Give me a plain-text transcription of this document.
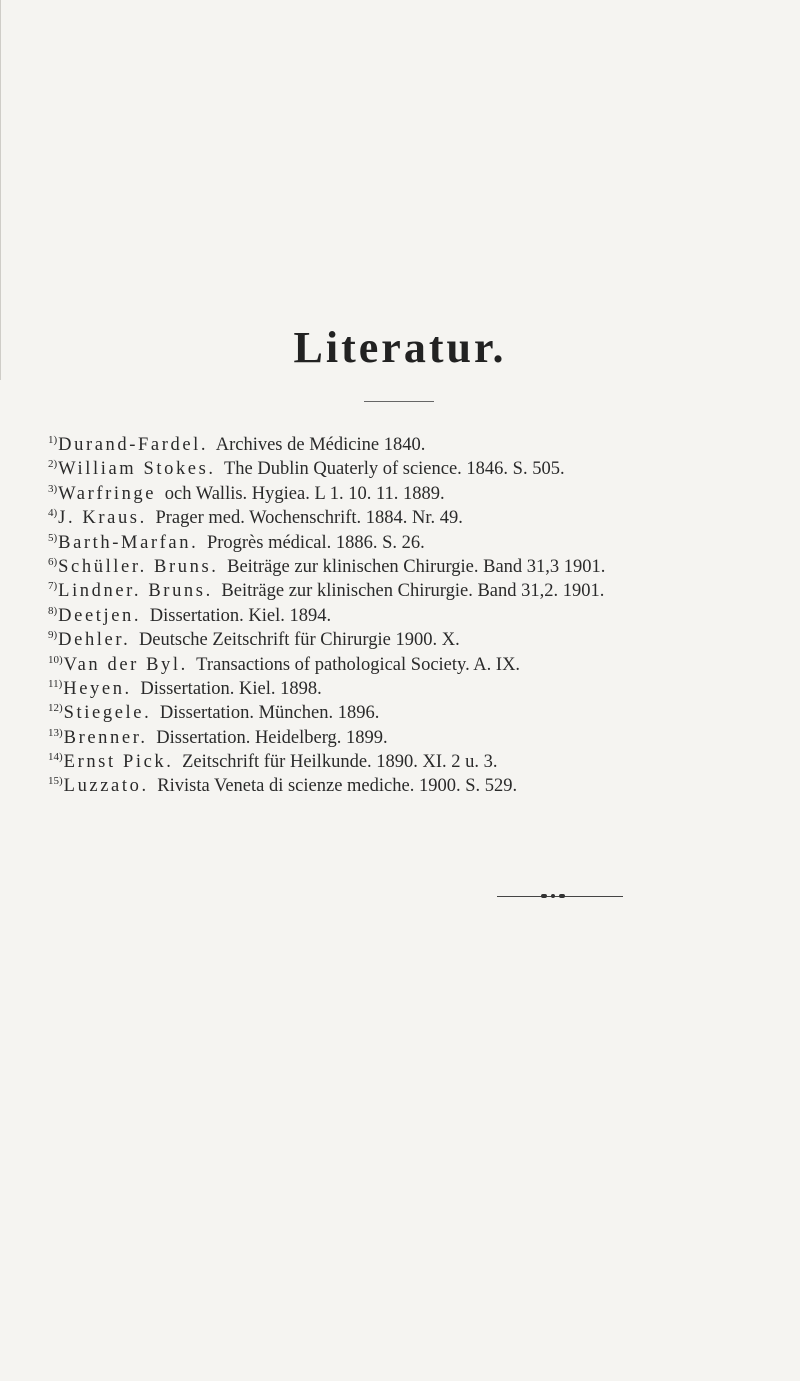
Literatur.
$^{1)}$Durand-Fardel. Archives de Médicine 1840.
$^{2)}$William Stokes. The Dublin Quaterly of science. 1846. S. 505.
$^{3)}$Warfringe och Wallis. Hygiea. L 1. 10. 11. 1889.
$^{4)}$J. Kraus. Prager med. Wochenschrift. 1884. Nr. 49.
$^{5)}$Barth-Marfan. Progrès médical. 1886. S. 26.
$^{6)}$Schüller. Bruns. Beiträge zur klinischen Chirurgie. Band 31,3 1901.
$^{7)}$Lindner. Bruns. Beiträge zur klinischen Chirurgie. Band 31,2. 1901.
$^{8)}$Deetjen. Dissertation. Kiel. 1894.
$^{9)}$Dehler. Deutsche Zeitschrift für Chirurgie 1900. X.
$^{10)}$Van der Byl. Transactions of pathological Society. A. IX.
$^{11)}$Heyen. Dissertation. Kiel. 1898.
$^{12)}$Stiegele. Dissertation. München. 1896.
$^{13)}$Brenner. Dissertation. Heidelberg. 1899.
$^{14)}$Ernst Pick. Zeitschrift für Heilkunde. 1890. XI. 2 u. 3.
$^{15)}$Luzzato. Rivista Veneta di scienze mediche. 1900. S. 529.
